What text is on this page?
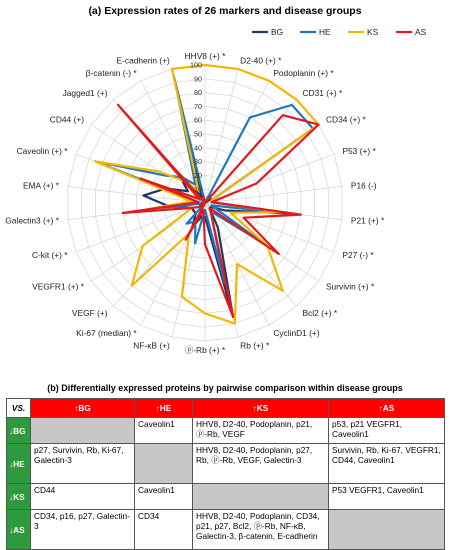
(a) Expression rates of 26 markers and disease groups
HHV8 (+) * D2-40 (+) *
Podoplanin (+) *
CD31 (+) *
CD34 (+) *
P53 (+) *
P16 (-)
P21 (+) *
P27 (-) *
Survivin (+) *
Bcl2 (+) *
CyclinD1 (+)
Rb (+) *
ⓟ-Rb (+) *
NF-κB (+)
Ki-67 (median) *
VEGF (+)
VEGFR1 (+) *
C-kit (+) *
Galectin3 (+) *
EMA (+) *
Caveolin (+) *
CD44 (+)
Jagged1 (+)
β-catenin (-) *
E-cadherin (+)
0
10
20
30
40
50
60
70
80
90
100
BG	HE	KS	AS
(b) Differentially expressed proteins by pairwise comparison within disease groups
VS.	↑BG	↑HE	↑KS	↑AS
↓BG		Caveolin1	HHV8, D2-40, Podoplanin, p21, ⓟ-Rb, VEGF	p53, p21 VEGFR1, Caveolin1
↓HE	p27, Survivin, Rb, Ki-67, Galectin-3		HHV8, D2-40, Podoplanin, p27, Rb, ⓟ-Rb, VEGF, Galectin-3	Survivin, Rb, Ki-67, VEGFR1, CD44, Caveolin1
↓KS	CD44	Caveolin1		P53 VEGFR1, Caveolin1
↓AS	CD34, p16, p27, Galectin-3	CD34	HHV8, D2-40, Podoplanin, CD34, p21, p27, Bcl2, ⓟ-Rb, NF-κB, Galectin-3, β-catenin, E-cadherin	
